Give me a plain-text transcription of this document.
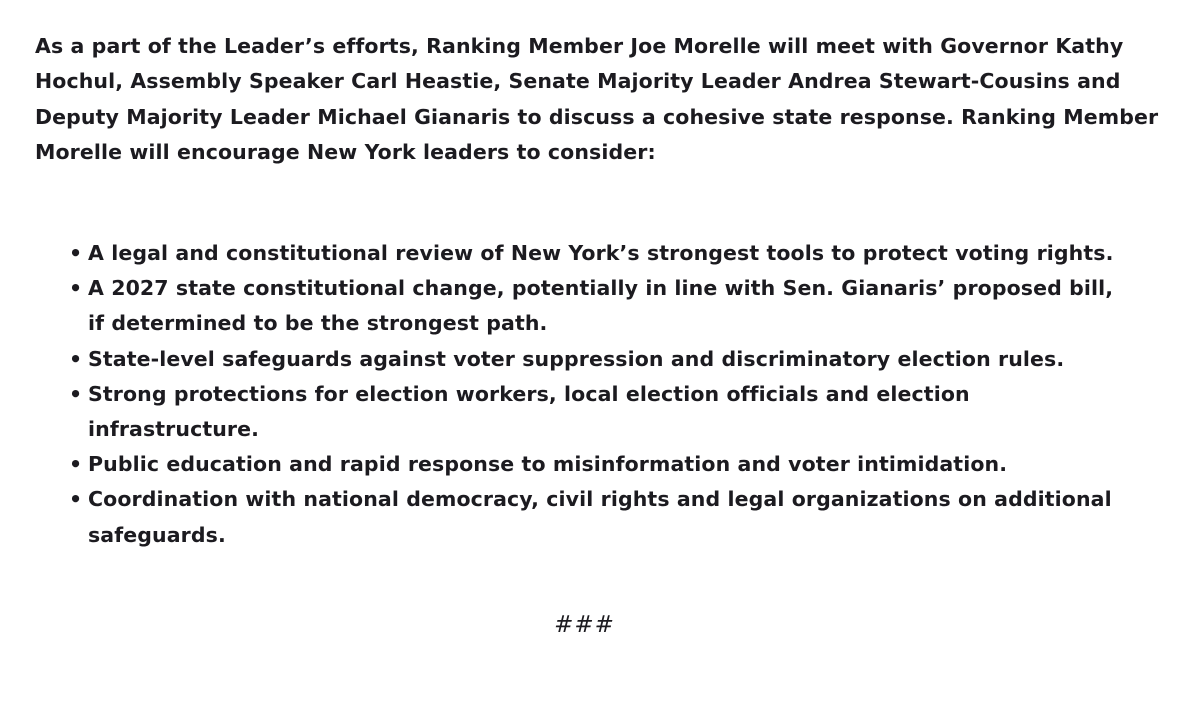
As a part of the Leader’s efforts, Ranking Member Joe Morelle will meet with Governor Kathy Hochul, Assembly Speaker Carl Heastie, Senate Majority Leader Andrea Stewart-Cousins and Deputy Majority Leader Michael Gianaris to discuss a cohesive state response. Ranking Member Morelle will encourage New York leaders to consider:

• A legal and constitutional review of New York’s strongest tools to protect voting rights.
• A 2027 state constitutional change, potentially in line with Sen. Gianaris’ proposed bill, if determined to be the strongest path.
• State-level safeguards against voter suppression and discriminatory election rules.
• Strong protections for election workers, local election officials and election infrastructure.
• Public education and rapid response to misinformation and voter intimidation.
• Coordination with national democracy, civil rights and legal organizations on additional safeguards.
###
